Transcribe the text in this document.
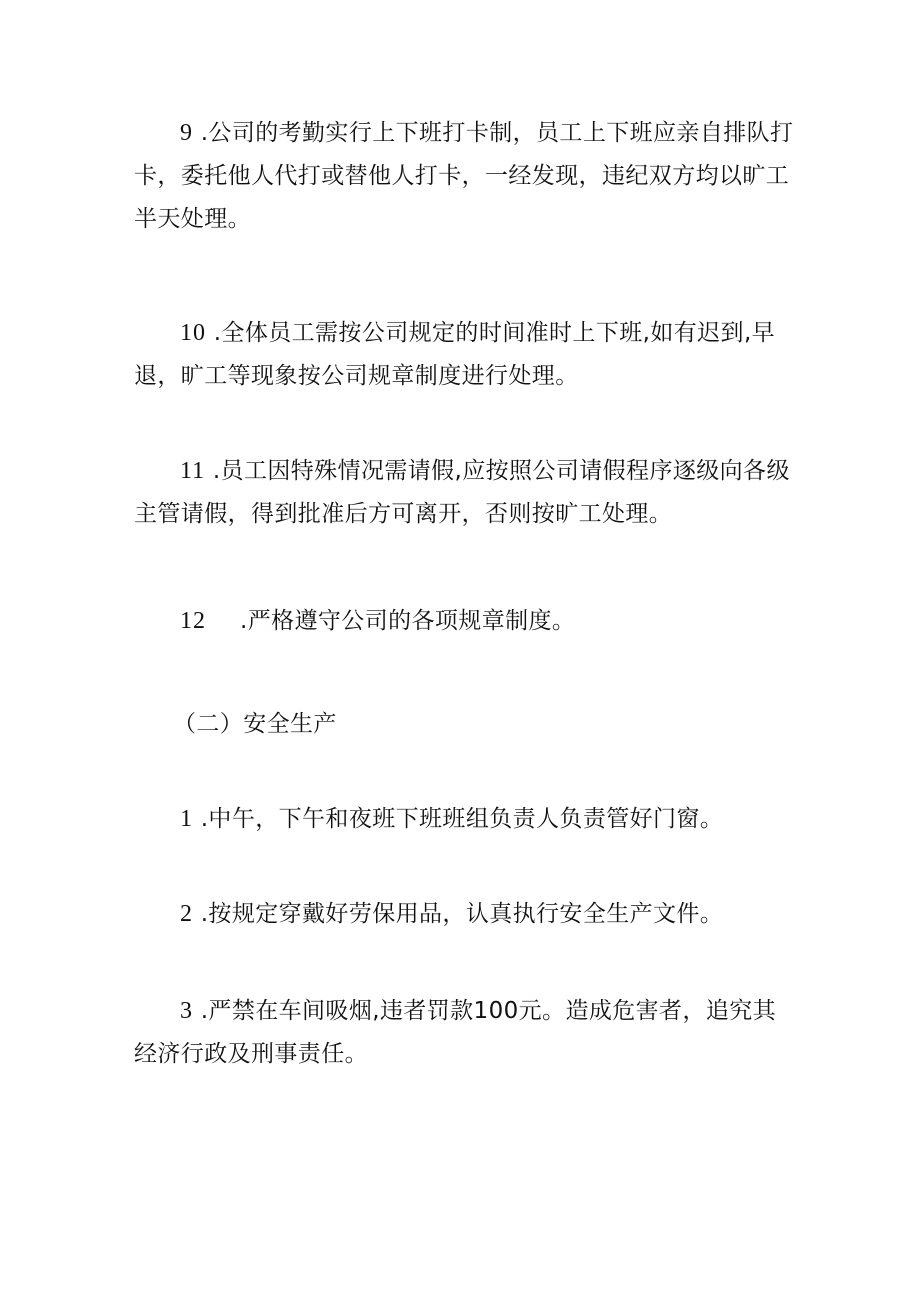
9 .公司的考勤实行上下班打卡制，员工上下班应亲自排队打卡，委托他人代打或替他人打卡，一经发现，违纪双方均以旷工半天处理。

10 .全体员工需按公司规定的时间准时上下班,如有迟到,早退，旷工等现象按公司规章制度进行处理。

11 .员工因特殊情况需请假,应按照公司请假程序逐级向各级主管请假，得到批准后方可离开，否则按旷工处理。

12 .严格遵守公司的各项规章制度。

（二）安全生产

1 .中午，下午和夜班下班班组负责人负责管好门窗。

2 .按规定穿戴好劳保用品，认真执行安全生产文件。

3 .严禁在车间吸烟,违者罚款100元。造成危害者，追究其经济行政及刑事责任。
